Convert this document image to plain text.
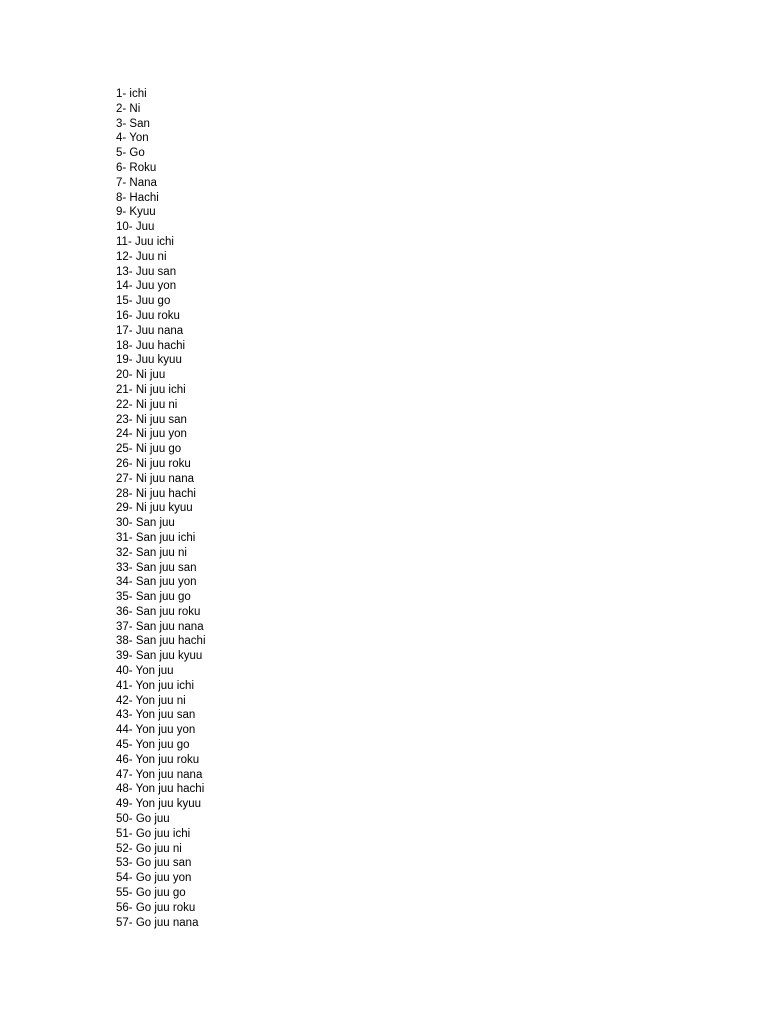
1- ichi
2- Ni
3- San
4- Yon
5- Go
6- Roku
7- Nana
8- Hachi
9- Kyuu
10- Juu
11- Juu ichi
12- Juu ni
13- Juu san
14- Juu yon
15- Juu go
16- Juu roku
17- Juu nana
18- Juu hachi
19- Juu kyuu
20- Ni juu
21- Ni juu ichi
22- Ni juu ni
23- Ni juu san
24- Ni juu yon
25- Ni juu go
26- Ni juu roku
27- Ni juu nana
28- Ni juu hachi
29- Ni juu kyuu
30- San juu
31- San juu ichi
32- San juu ni
33- San juu san
34- San juu yon
35- San juu go
36- San juu roku
37- San juu nana
38- San juu hachi
39- San juu kyuu
40- Yon juu
41- Yon juu ichi
42- Yon juu ni
43- Yon juu san
44- Yon juu yon
45- Yon juu go
46- Yon juu roku
47- Yon juu nana
48- Yon juu hachi
49- Yon juu kyuu
50- Go juu
51- Go juu ichi
52- Go juu ni
53- Go juu san
54- Go juu yon
55- Go juu go
56- Go juu roku
57- Go juu nana
